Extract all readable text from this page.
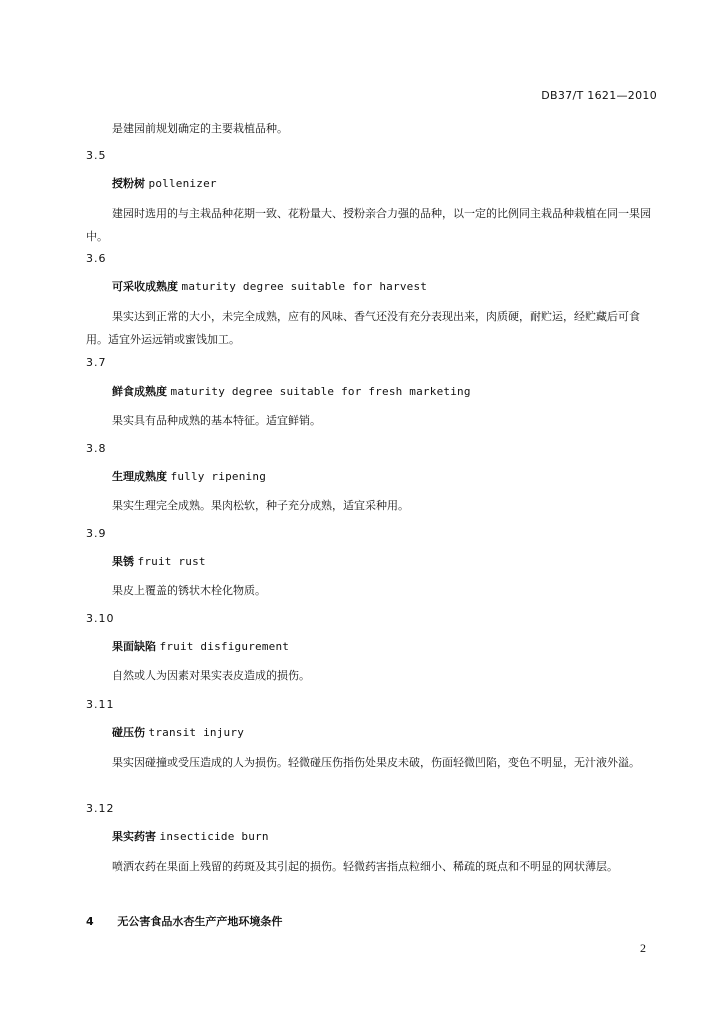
DB37/T 1621—2010
是建园前规划确定的主要栽植品种。
3.5
授粉树 pollenizer
建园时选用的与主栽品种花期一致、花粉量大、授粉亲合力强的品种，以一定的比例同主栽品种栽植在同一果园中。
3.6
可采收成熟度 maturity degree suitable for harvest
果实达到正常的大小，未完全成熟，应有的风味、香气还没有充分表现出来，肉质硬，耐贮运，经贮藏后可食用。适宜外运远销或蜜饯加工。
3.7
鲜食成熟度 maturity degree suitable for fresh marketing
果实具有品种成熟的基本特征。适宜鲜销。
3.8
生理成熟度 fully ripening
果实生理完全成熟。果肉松软，种子充分成熟，适宜采种用。
3.9
果锈 fruit rust
果皮上覆盖的锈状木栓化物质。
3.10
果面缺陷 fruit disfigurement
自然或人为因素对果实表皮造成的损伤。
3.11
碰压伤 transit injury
果实因碰撞或受压造成的人为损伤。轻微碰压伤指伤处果皮未破，伤面轻微凹陷，变色不明显，无汁液外溢。
3.12
果实药害 insecticide burn
喷洒农药在果面上残留的药斑及其引起的损伤。轻微药害指点粒细小、稀疏的斑点和不明显的网状薄层。
4 无公害食品水杏生产产地环境条件
2
